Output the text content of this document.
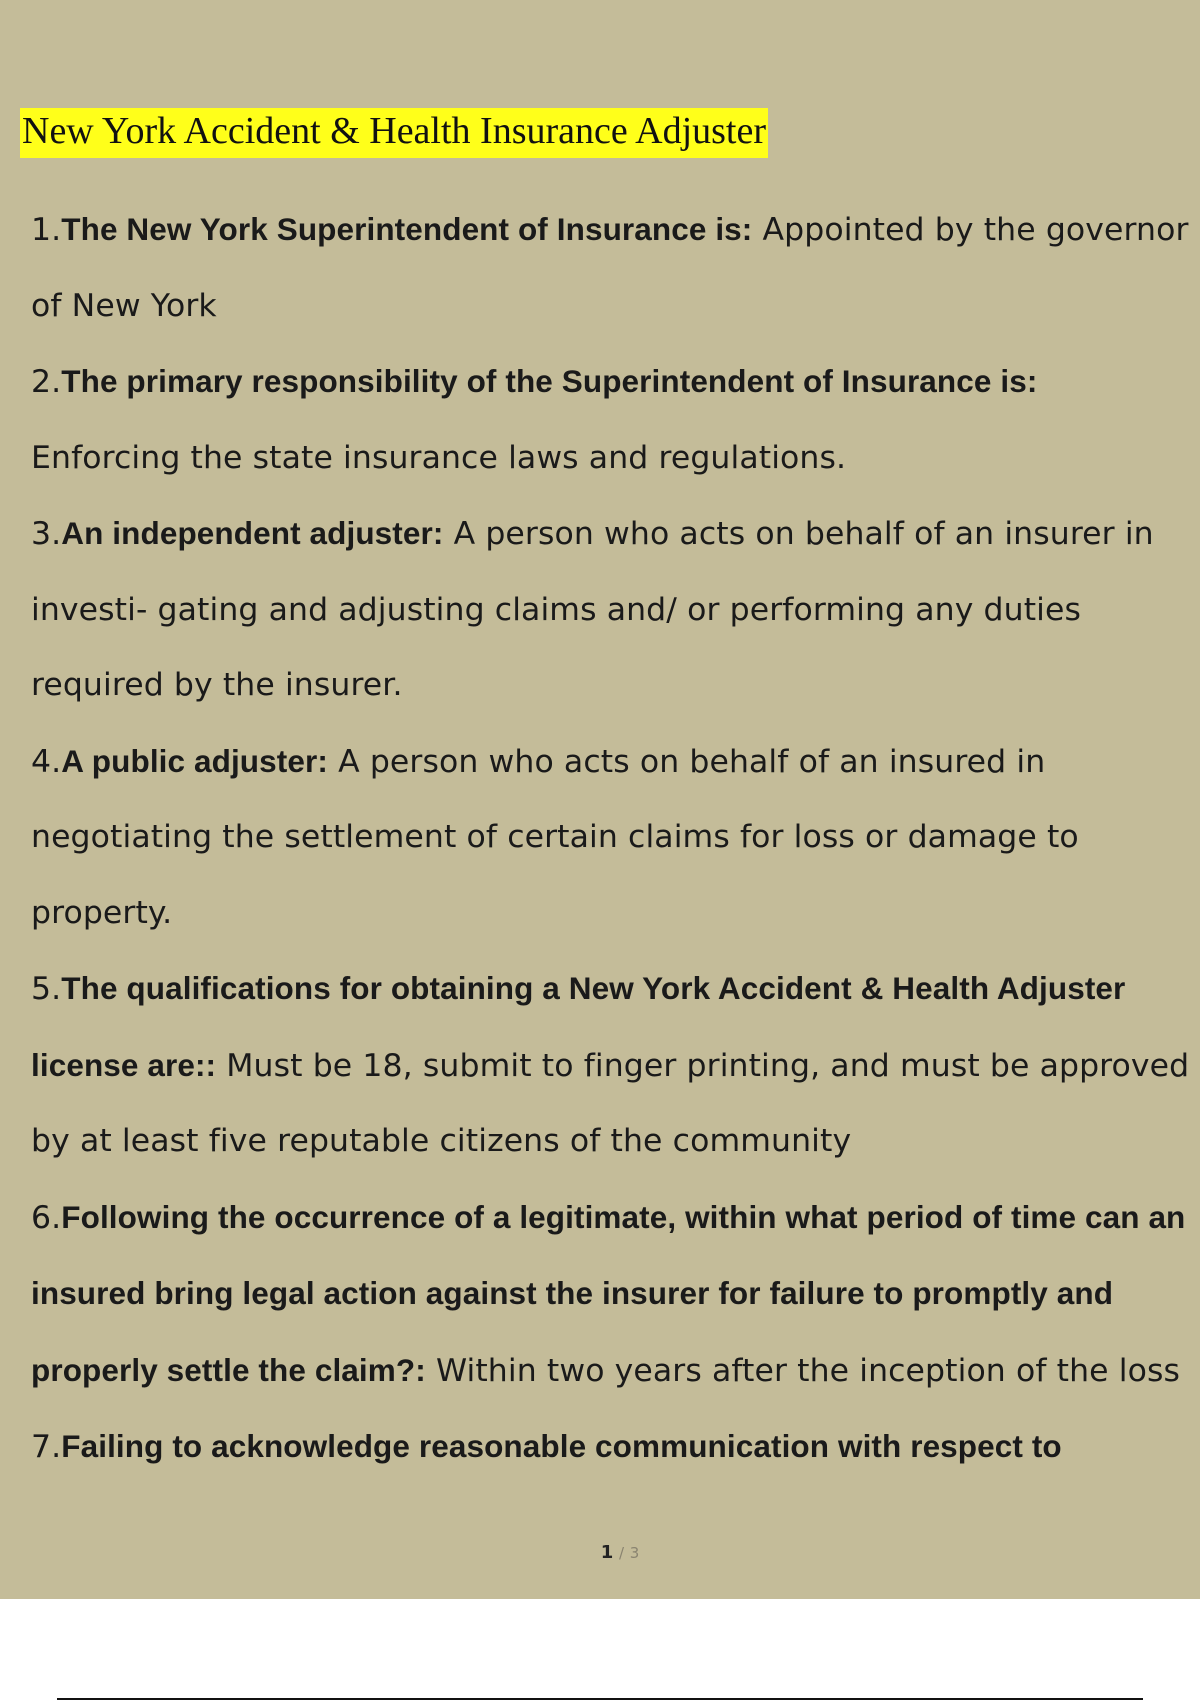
New York Accident & Health Insurance Adjuster
1.The New York Superintendent of Insurance is: Appointed by the governor of New York
2.The primary responsibility of the Superintendent of Insurance is: Enforcing the state insurance laws and regulations.
3.An independent adjuster: A person who acts on behalf of an insurer in investi- gating and adjusting claims and/ or performing any duties required by the insurer.
4.A public adjuster: A person who acts on behalf of an insured in negotiating the settlement of certain claims for loss or damage to property.
5.The qualifications for obtaining a New York Accident & Health Adjuster license are:: Must be 18, submit to finger printing, and must be approved by at least five reputable citizens of the community
6.Following the occurrence of a legitimate, within what period of time can an insured bring legal action against the insurer for failure to promptly and properly settle the claim?: Within two years after the inception of the loss
7.Failing to acknowledge reasonable communication with respect to
1 / 3
